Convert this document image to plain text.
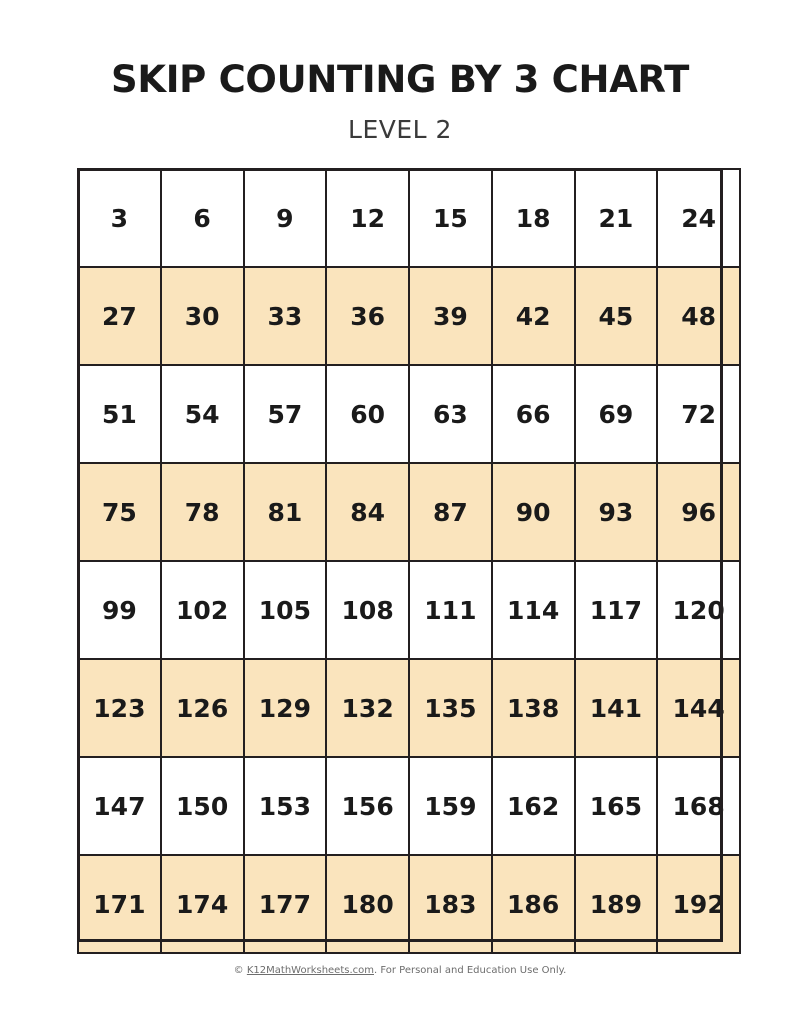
SKIP COUNTING BY 3 CHART
LEVEL 2
3	6	9	12	15	18	21	24
27	30	33	36	39	42	45	48
51	54	57	60	63	66	69	72
75	78	81	84	87	90	93	96
99	102	105	108	111	114	117	120
123	126	129	132	135	138	141	144
147	150	153	156	159	162	165	168
171	174	177	180	183	186	189	192
© K12MathWorksheets.com. For Personal and Education Use Only.
